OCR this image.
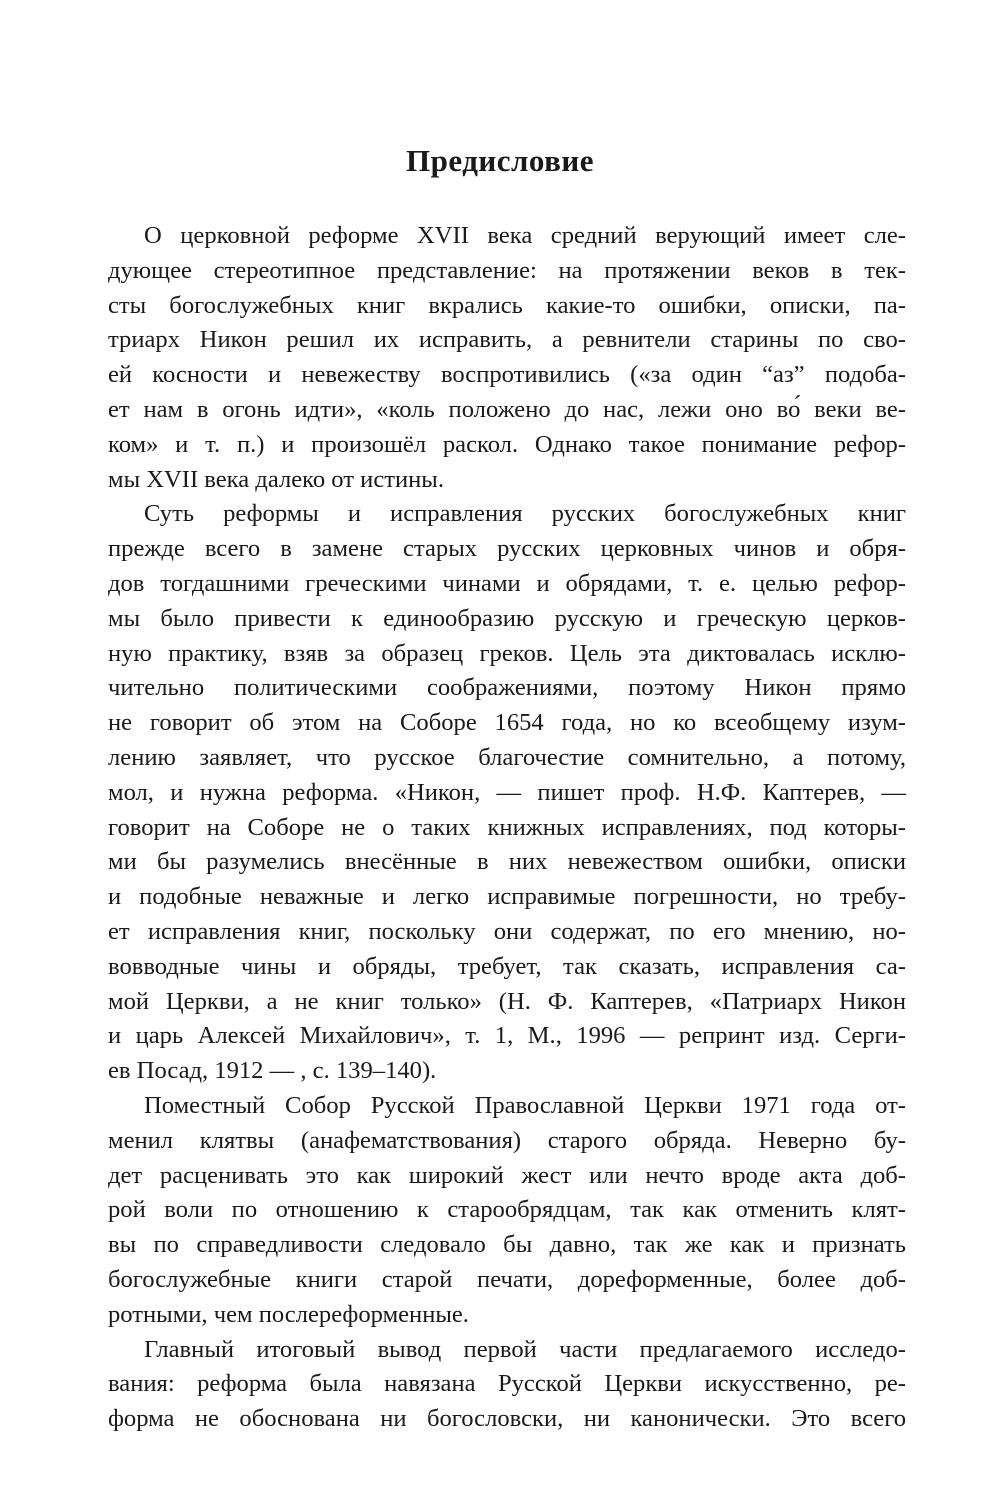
Предисловие
О церковной реформе XVII века средний верующий имеет сле-
дующее стереотипное представление: на протяжении веков в тек-
сты богослужебных книг вкрались какие-то ошибки, описки, па-
триарх Никон решил их исправить, а ревнители старины по сво-
ей косности и невежеству воспротивились («за один “аз” подоба-
ет нам в огонь идти», «коль положено до нас, лежи оно во́ веки ве-
ком» и т. п.) и произошёл раскол. Однако такое понимание рефор-
мы XVII века далеко от истины.
Суть реформы и исправления русских богослужебных книг
прежде всего в замене старых русских церковных чинов и обря-
дов тогдашними греческими чинами и обрядами, т. е. целью рефор-
мы было привести к единообразию русскую и греческую церков-
ную практику, взяв за образец греков. Цель эта диктовалась исклю-
чительно политическими соображениями, поэтому Никон прямо
не говорит об этом на Соборе 1654 года, но ко всеобщему изум-
лению заявляет, что русское благочестие сомнительно, а потому,
мол, и нужна реформа. «Никон, — пишет проф. Н.Ф. Каптерев, —
говорит на Соборе не о таких книжных исправлениях, под которы-
ми бы разумелись внесённые в них невежеством ошибки, описки
и подобные неважные и легко исправимые погрешности, но требу-
ет исправления книг, поскольку они содержат, по его мнению, но-
вовводные чины и обряды, требует, так сказать, исправления са-
мой Церкви, а не книг только» (Н. Ф. Каптерев, «Патриарх Никон
и царь Алексей Михайлович», т. 1, М., 1996 — репринт изд. Серги-
ев Посад, 1912 — , с. 139–140).
Поместный Собор Русской Православной Церкви 1971 года от-
менил клятвы (анафематствования) старого обряда. Неверно бу-
дет расценивать это как широкий жест или нечто вроде акта доб-
рой воли по отношению к старообрядцам, так как отменить клят-
вы по справедливости следовало бы давно, так же как и признать
богослужебные книги старой печати, дореформенные, более доб-
ротными, чем послереформенные.
Главный итоговый вывод первой части предлагаемого исследо-
вания: реформа была навязана Русской Церкви искусственно, ре-
форма не обоснована ни богословски, ни канонически. Это всего
